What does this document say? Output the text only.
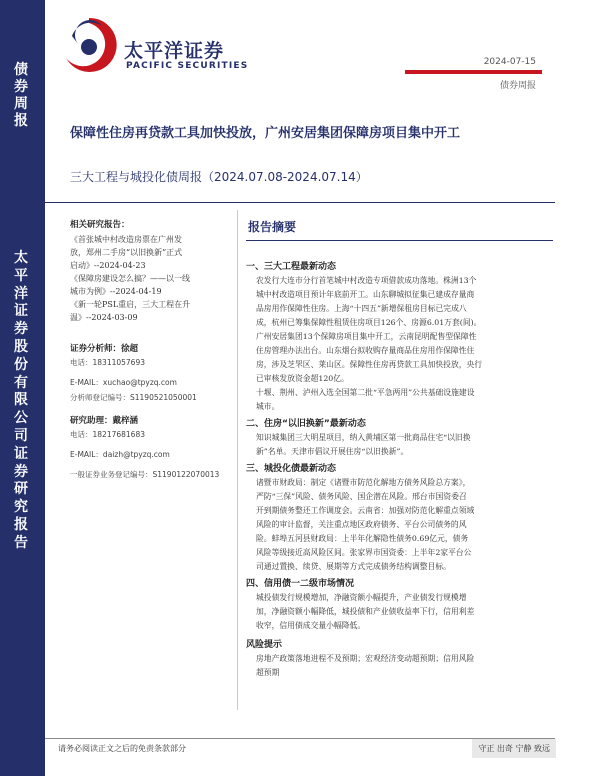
债券周报
太平洋证券股份有限公司证券研究报告
太平洋证券
PACIFIC SECURITIES	2024-07-15
债券周报
保障性住房再贷款工具加快投放，广州安居集团保障房项目集中开工
三大工程与城投化债周报（2024.07.08-2024.07.14）
相关研究报告：
《首张城中村改造房票在广州发
放，郑州二手房“以旧换新”正式
启动》--2024-04-23
《保障房建设怎么搞？——以一线
城市为例》--2024-04-19
《新一轮PSL重启，三大工程在升
温》--2024-03-09
证券分析师：徐超
电话：18311057693
E-MAIL：xuchao@tpyzq.com
分析师登记编号：S1190521050001
研究助理：戴梓涵
电话：18217681683
E-MAIL：daizh@tpyzq.com
一般证券业务登记编号：S1190122070013
报告摘要
一、三大工程最新动态
农发行大连市分行首笔城中村改造专项借款成功落地。株洲13个
城中村改造项目预计年底前开工。山东聊城拟征集已建成存量商
品房用作保障性住房。上海“十四五”新增保租房目标已完成八
成，杭州已筹集保障性租赁住房项目126个、房源6.01万套(间)。
广州安居集团13个保障房项目集中开工，云南昆明配售型保障性
住房管理办法出台。山东烟台拟收购存量商品住房用作保障性住
房，涉及芝罘区、莱山区。保障性住房再贷款工具加快投放，央行
已审核发放资金超120亿。
十堰、荆州、泸州入选全国第二批“平急两用”公共基础设施建设
城市。
二、住房“以旧换新”最新动态
知识城集团三大明星项目，纳入黄埔区第一批商品住宅“以旧换
新”名单。天津市倡议开展住房“以旧换新”。
三、城投化债最新动态
诸暨市财政局：制定《诸暨市防范化解地方债务风险总方案》，
严防“三保”风险、债务风险、国企潜在风险。邢台市国资委召
开到期债务整还工作调度会。云南省：加强对防范化解重点领域
风险的审计监督，关注重点地区政府债务、平台公司债务的风
险。蚌埠五河县财政局：上半年化解隐性债务0.69亿元，债务
风险等级接近高风险区间。张家界市国资委：上半年2家平台公
司通过置换、续贷、展期等方式完成债务结构调整目标。
四、信用债一二级市场情况
城投债发行规模增加，净融资额小幅提升，产业债发行规模增
加，净融资额小幅降低，城投债和产业债收益率下行，信用利差
收窄，信用债成交量小幅降低。
风险提示
房地产政策落地进程不及预期；宏观经济变动超预期；信用风险
超预期
请务必阅读正文之后的免责条款部分	守正 出奇 宁静 致远
